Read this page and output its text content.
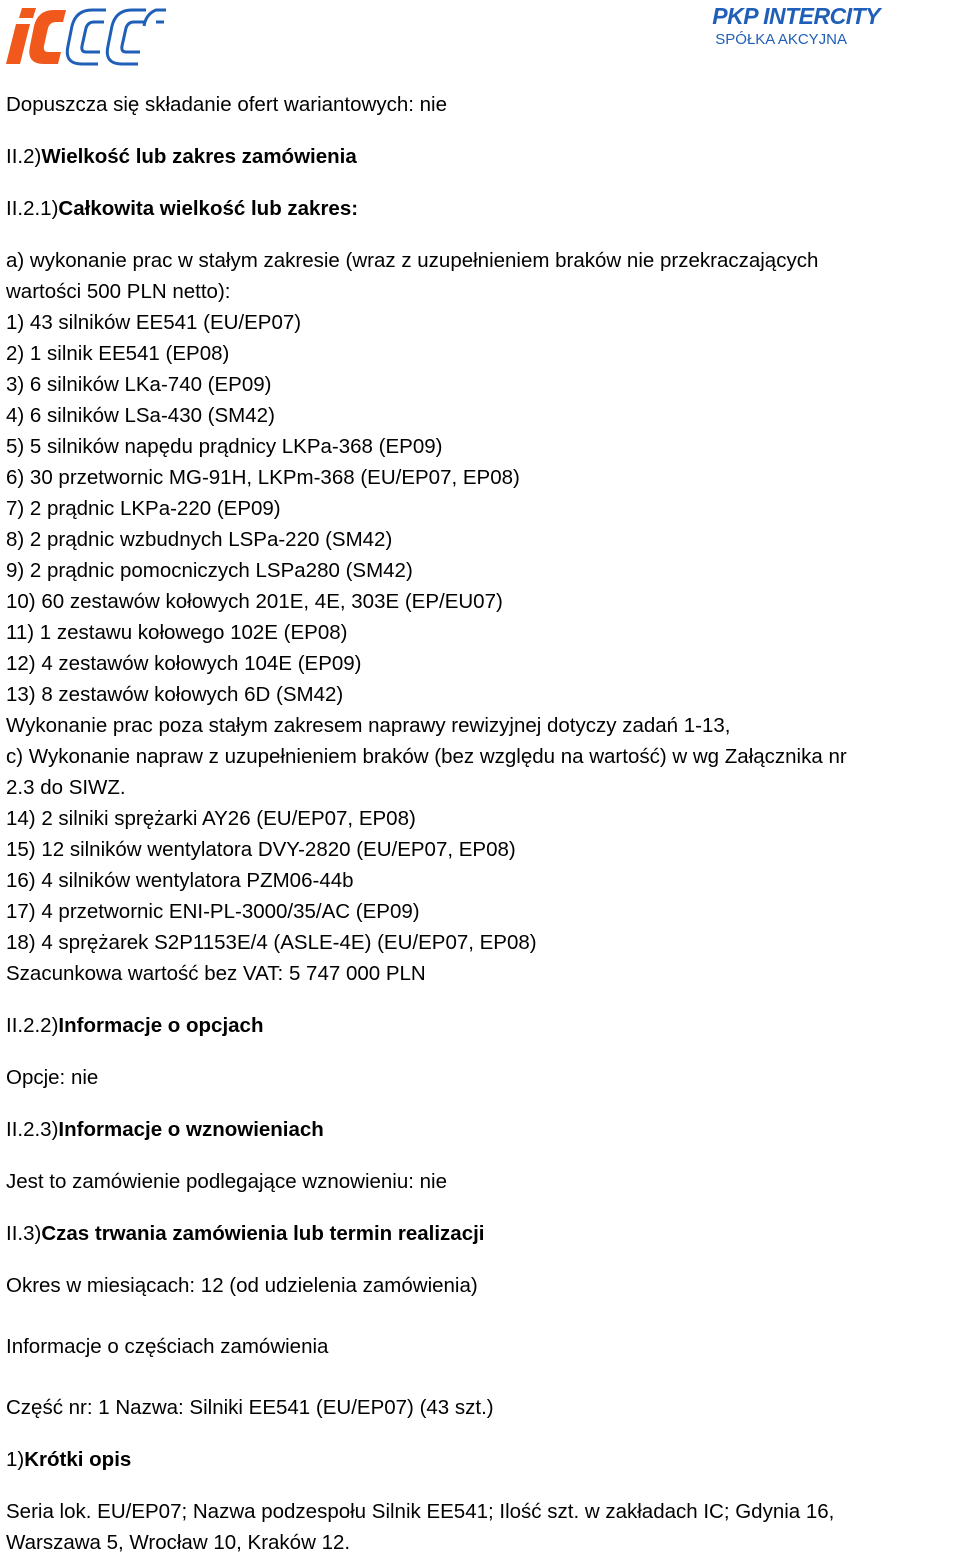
PKP INTERCITY
SPÓŁKA AKCYJNA
Dopuszcza się składanie ofert wariantowych: nie
II.2)Wielkość lub zakres zamówienia
II.2.1)Całkowita wielkość lub zakres:
a) wykonanie prac w stałym zakresie (wraz z uzupełnieniem braków nie przekraczających
wartości 500 PLN netto):
1) 43 silników EE541 (EU/EP07)
2) 1 silnik EE541 (EP08)
3) 6 silników LKa-740 (EP09)
4) 6 silników LSa-430 (SM42)
5) 5 silników napędu prądnicy LKPa-368 (EP09)
6) 30 przetwornic MG-91H, LKPm-368 (EU/EP07, EP08)
7) 2 prądnic LKPa-220 (EP09)
8) 2 prądnic wzbudnych LSPa-220 (SM42)
9) 2 prądnic pomocniczych LSPa280 (SM42)
10) 60 zestawów kołowych 201E, 4E, 303E (EP/EU07)
11) 1 zestawu kołowego 102E (EP08)
12) 4 zestawów kołowych 104E (EP09)
13) 8 zestawów kołowych 6D (SM42)
Wykonanie prac poza stałym zakresem naprawy rewizyjnej dotyczy zadań 1-13,
c) Wykonanie napraw z uzupełnieniem braków (bez względu na wartość) w wg Załącznika nr
2.3 do SIWZ.
14) 2 silniki sprężarki AY26 (EU/EP07, EP08)
15) 12 silników wentylatora DVY-2820 (EU/EP07, EP08)
16) 4 silników wentylatora PZM06-44b
17) 4 przetwornic ENI-PL-3000/35/AC (EP09)
18) 4 sprężarek S2P1153E/4 (ASLE-4E) (EU/EP07, EP08)
Szacunkowa wartość bez VAT: 5 747 000 PLN
II.2.2)Informacje o opcjach
Opcje: nie
II.2.3)Informacje o wznowieniach
Jest to zamówienie podlegające wznowieniu: nie
II.3)Czas trwania zamówienia lub termin realizacji
Okres w miesiącach: 12 (od udzielenia zamówienia)
Informacje o częściach zamówienia
Część nr: 1 Nazwa: Silniki EE541 (EU/EP07) (43 szt.)
1)Krótki opis
Seria lok. EU/EP07; Nazwa podzespołu Silnik EE541; Ilość szt. w zakładach IC; Gdynia 16,
Warszawa 5, Wrocław 10, Kraków 12.
